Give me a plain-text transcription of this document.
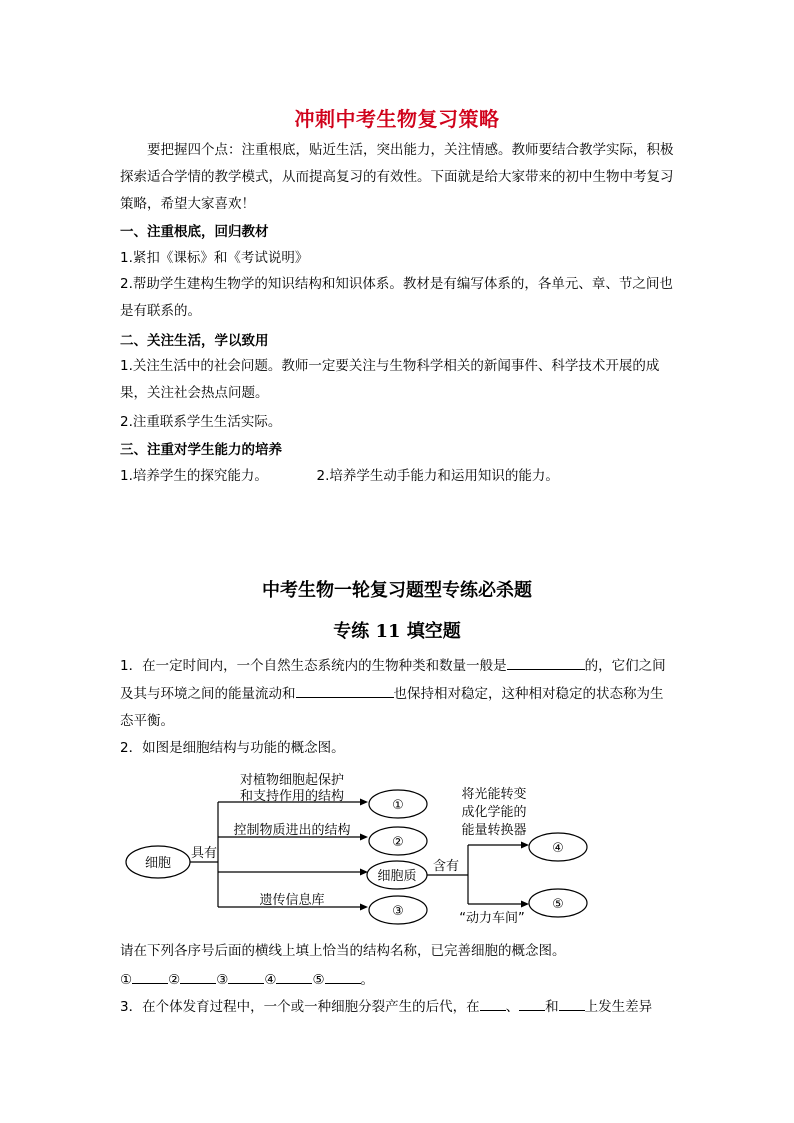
冲刺中考生物复习策略
要把握四个点：注重根底，贴近生活，突出能力，关注情感。教师要结合教学实际，积极探索适合学情的教学模式，从而提高复习的有效性。下面就是给大家带来的初中生物中考复习策略，希望大家喜欢！
一、注重根底，回归教材
1.紧扣《课标》和《考试说明》
2.帮助学生建构生物学的知识结构和知识体系。教材是有编写体系的，各单元、章、节之间也是有联系的。
二、关注生活，学以致用
1.关注生活中的社会问题。教师一定要关注与生物科学相关的新闻事件、科学技术开展的成果，关注社会热点问题。
2.注重联系学生生活实际。
三、注重对学生能力的培养
1.培养学生的探究能力。	2.培养学生动手能力和运用知识的能力。
中考生物一轮复习题型专练必杀题
专练 11 填空题
1．在一定时间内，一个自然生态系统内的生物种类和数量一般是	的，它们之间
及其与环境之间的能量流动和	也保持相对稳定，这种相对稳定的状态称为生
态平衡。
2．如图是细胞结构与功能的概念图。
细胞
具有
对植物细胞起保护
和支持作用的结构
控制物质进出的结构
遗传信息库
①
②
细胞质
③
含有
将光能转变
成化学能的
能量转换器
“动力车间”
④
⑤
请在下列各序号后面的横线上填上恰当的结构名称，已完善细胞的概念图。
①	②	③	④	⑤	。
3．在个体发育过程中，一个或一种细胞分裂产生的后代，在 、 和 上发生差异
